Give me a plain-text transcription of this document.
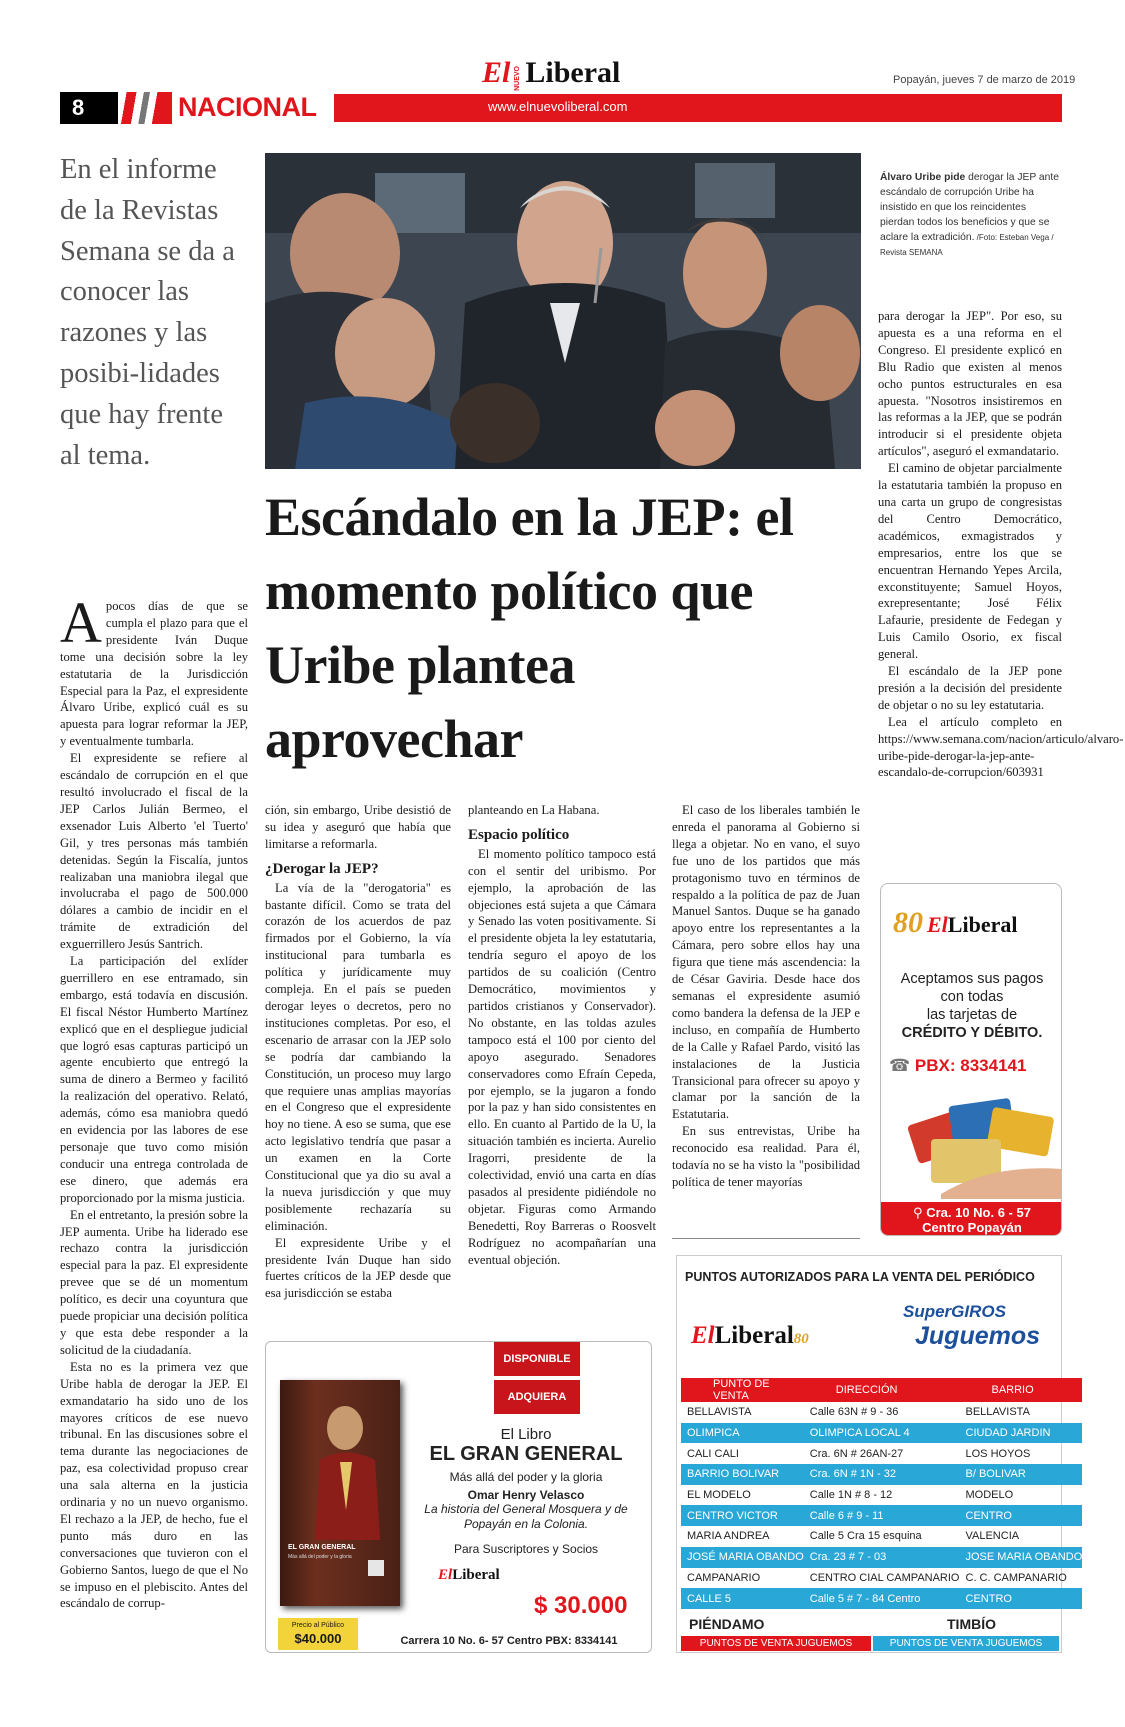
8	NACIONAL
El NUEVO Liberal
www.elnuevoliberal.com
Popayán, jueves 7 de marzo de 2019
En el informe de la Revistas Semana se da a conocer las razones y las posibi-lidades que hay frente al tema.
Álvaro Uribe pide derogar la JEP ante escándalo de corrupción Uribe ha insistido en que los reincidentes pierdan todos los beneficios y que se aclare la extradición. /Foto: Esteban Vega / Revista SEMANA
Escándalo en la JEP: el momento político que Uribe plantea aprovechar

Apocos días de que se cumpla el plazo para que el presidente Iván Duque tome una decisión sobre la ley estatutaria de la Jurisdicción Especial para la Paz, el expresidente Álvaro Uribe, explicó cuál es su apuesta para lograr reformar la JEP, y eventualmente tumbarla.

El expresidente se refiere al escándalo de corrupción en el que resultó involucrado el fiscal de la JEP Carlos Julián Bermeo, el exsenador Luis Alberto 'el Tuerto' Gil, y tres personas más también detenidas. Según la Fiscalía, juntos realizaban una maniobra ilegal que involucraba el pago de 500.000 dólares a cambio de incidir en el trámite de extradición del exguerrillero Jesús Santrich.

La participación del exlíder guerrillero en ese entramado, sin embargo, está todavía en discusión. El fiscal Néstor Humberto Martínez explicó que en el despliegue judicial que logró esas capturas participó un agente encubierto que entregó la suma de dinero a Bermeo y facilitó la realización del operativo. Relató, además, cómo esa maniobra quedó en evidencia por las labores de ese personaje que tuvo como misión conducir una entrega controlada de ese dinero, que además era proporcionado por la misma justicia.

En el entretanto, la presión sobre la JEP aumenta. Uribe ha liderado ese rechazo contra la jurisdicción especial para la paz. El expresidente prevee que se dé un momentum político, es decir una coyuntura que puede propiciar una decisión política y que esta debe responder a la solicitud de la ciudadanía.

Esta no es la primera vez que Uribe habla de derogar la JEP. El exmandatario ha sido uno de los mayores críticos de ese nuevo tribunal. En las discusiones sobre el tema durante las negociaciones de paz, esa colectividad propuso crear una sala alterna en la justicia ordinaria y no un nuevo organismo. El rechazo a la JEP, de hecho, fue el punto más duro en las conversaciones que tuvieron con el Gobierno Santos, luego de que el No se impuso en el plebiscito. Antes del escándalo de corrup-

ción, sin embargo, Uribe desistió de su idea y aseguró que había que limitarse a reformarla.

¿Derogar la JEP?

La vía de la "derogatoria" es bastante difícil. Como se trata del corazón de los acuerdos de paz firmados por el Gobierno, la vía institucional para tumbarla es política y jurídicamente muy compleja. En el país se pueden derogar leyes o decretos, pero no instituciones completas. Por eso, el escenario de arrasar con la JEP solo se podría dar cambiando la Constitución, un proceso muy largo que requiere unas amplias mayorías en el Congreso que el expresidente hoy no tiene. A eso se suma, que ese acto legislativo tendría que pasar a un examen en la Corte Constitucional que ya dio su aval a la nueva jurisdicción y que muy posiblemente rechazaría su eliminación.

El expresidente Uribe y el presidente Iván Duque han sido fuertes críticos de la JEP desde que esa jurisdicción se estaba

planteando en La Habana.

Espacio político

El momento político tampoco está con el sentir del uribismo. Por ejemplo, la aprobación de las objeciones está sujeta a que Cámara y Senado las voten positivamente. Si el presidente objeta la ley estatutaria, tendría seguro el apoyo de los partidos de su coalición (Centro Democrático, movimientos y partidos cristianos y Conservador). No obstante, en las toldas azules tampoco está el 100 por ciento del apoyo asegurado. Senadores conservadores como Efraín Cepeda, por ejemplo, se la jugaron a fondo por la paz y han sido consistentes en ello. En cuanto al Partido de la U, la situación también es incierta. Aurelio Iragorri, presidente de la colectividad, envió una carta en días pasados al presidente pidiéndole no objetar. Figuras como Armando Benedetti, Roy Barreras o Roosvelt Rodríguez no acompañarían una eventual objeción.

El caso de los liberales también le enreda el panorama al Gobierno si llega a objetar. No en vano, el suyo fue uno de los partidos que más protagonismo tuvo en términos de respaldo a la política de paz de Juan Manuel Santos. Duque se ha ganado apoyo entre los representantes a la Cámara, pero sobre ellos hay una figura que tiene más ascendencia: la de César Gaviria. Desde hace dos semanas el expresidente asumió como bandera la defensa de la JEP e incluso, en compañía de Humberto de la Calle y Rafael Pardo, visitó las instalaciones de la Justicia Transicional para ofrecer su apoyo y clamar por la sanción de la Estatutaria.

En sus entrevistas, Uribe ha reconocido esa realidad. Para él, todavía no se ha visto la "posibilidad política de tener mayorías

para derogar la JEP". Por eso, su apuesta es a una reforma en el Congreso. El presidente explicó en Blu Radio que existen al menos ocho puntos estructurales en esa apuesta. "Nosotros insistiremos en las reformas a la JEP, que se podrán introducir si el presidente objeta artículos", aseguró el exmandatario.

El camino de objetar parcialmente la estatutaria también la propuso en una carta un grupo de congresistas del Centro Democrático, académicos, exmagistrados y empresarios, entre los que se encuentran Hernando Yepes Arcila, exconstituyente; Samuel Hoyos, exrepresentante; José Félix Lafaurie, presidente de Fedegan y Luis Camilo Osorio, ex fiscal general.

El escándalo de la JEP pone presión a la decisión del presidente de objetar o no su ley estatutaria.

Lea el artículo completo en https://www.semana.com/nacion/articulo/alvaro-uribe-pide-derogar-la-jep-ante-escandalo-de-corrupcion/603931

80 ElLiberal
Aceptamos sus pagos
con todas
las tarjetas de
CRÉDITO Y DÉBITO.
☎ PBX: 8334141
⚲ Cra. 10 No. 6 - 57
Centro Popayán
EL GRAN GENERAL
Más allá del poder y la gloria
Precio al Público
$40.000
DISPONIBLE
ADQUIERA
El Libro
EL GRAN GENERAL
Más allá del poder y la gloria
Omar Henry Velasco
La historia del General Mosquera y de Popayán en la Colonia.
Para Suscriptores y Socios
ElLiberal
$ 30.000
Carrera 10 No. 6- 57 Centro PBX: 8334141
PUNTOS AUTORIZADOS PARA LA VENTA DEL PERIÓDICO
ElLiberal80
SuperGIROS
Juguemos
PUNTO DE VENTA	DIRECCIÓN	BARRIO
BELLAVISTA	Calle 63N # 9 - 36	BELLAVISTA
OLIMPICA	OLIMPICA LOCAL 4	CIUDAD JARDIN
CALI CALI	Cra. 6N # 26AN-27	LOS HOYOS
BARRIO BOLIVAR	Cra. 6N # 1N - 32	B/ BOLIVAR
EL MODELO	Calle 1N # 8 - 12	MODELO
CENTRO VICTOR	Calle 6 # 9 - 11	CENTRO
MARIA ANDREA	Calle 5 Cra 15 esquina	VALENCIA
JOSÉ MARIA OBANDO	Cra. 23 # 7 - 03	JOSE MARIA OBANDO
CAMPANARIO	CENTRO CIAL CAMPANARIO	C. C. CAMPANARIO
CALLE 5	Calle 5 # 7 - 84 Centro	CENTRO
PIÉNDAMO
PUNTOS DE VENTA JUGUEMOS
TIMBÍO
PUNTOS DE VENTA JUGUEMOS
